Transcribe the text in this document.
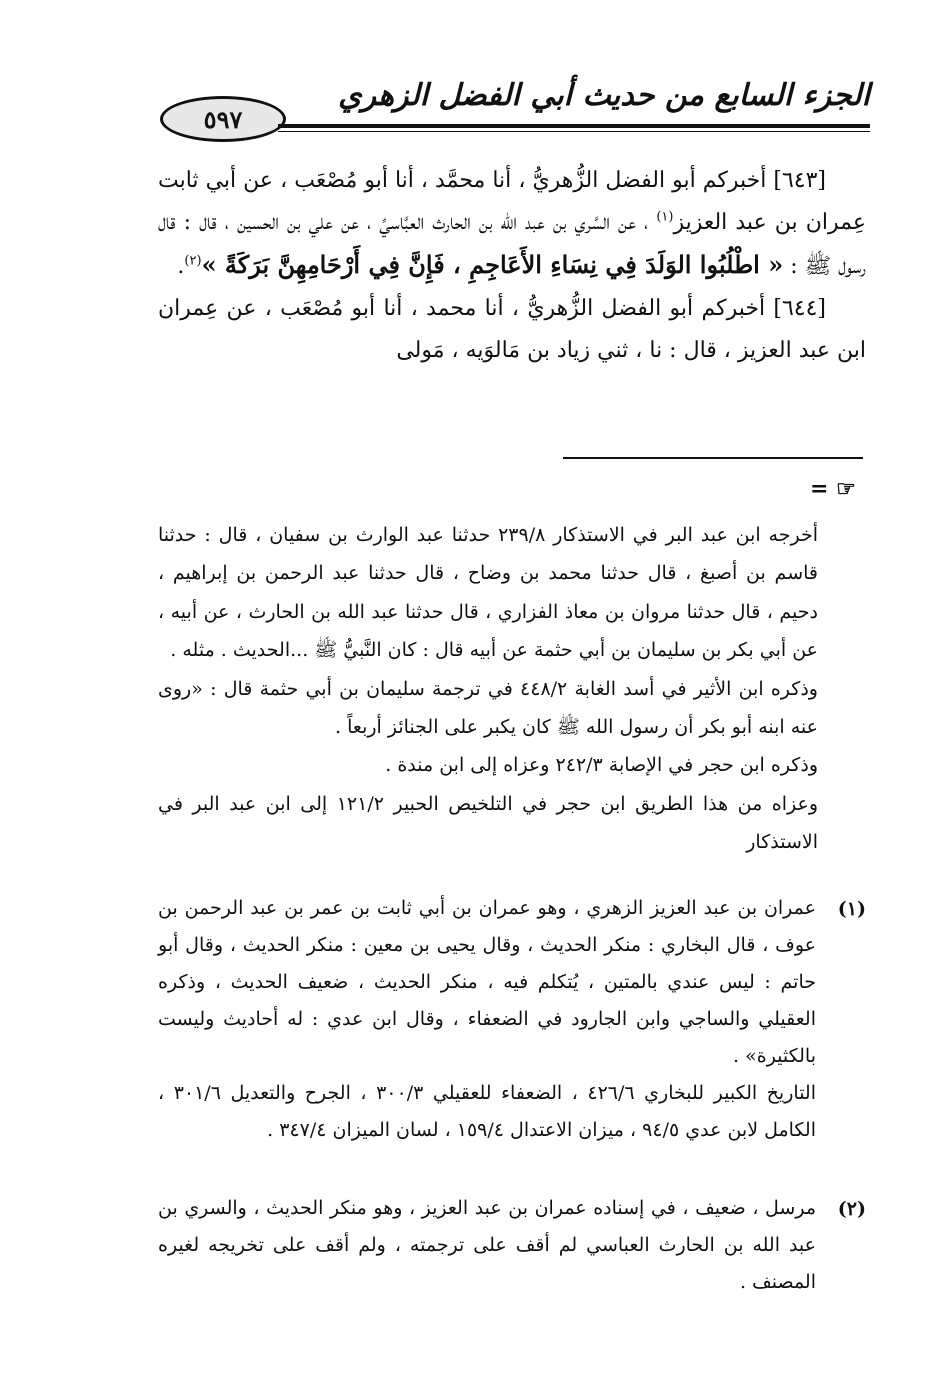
٥٩٧
الجزء السابع من حديث أبي الفضل الزهري

[٦٤٣] أخبركم أبو الفضل الزُّهريُّ ، أنا محمَّد ، أنا أبو مُصْعَب ، عن أبي ثابت عِمران بن عبد العزيز$^{(١)}$ ، عن السَّري بن عبد الله بن الحارث العبَّاسيِّ ، عن علي بن الحسين ، قال : قال رسول ﷺ : « اطْلُبُوا الوَلَدَ فِي نِسَاءِ الأَعَاجِمِ ، فَإِنَّ فِي أَرْحَامِهِنَّ بَرَكَةً »$^{(٢)}$.

[٦٤٤] أخبركم أبو الفضل الزُّهريُّ ، أنا محمد ، أنا أبو مُصْعَب ، عن عِمران ابن عبد العزيز ، قال : نا ، ثني زياد بن مَالوَيه ، مَولى

= ☞

أخرجه ابن عبد البر في الاستذكار ٢٣٩/٨ حدثنا عبد الوارث بن سفيان ، قال : حدثنا قاسم بن أصبغ ، قال حدثنا محمد بن وضاح ، قال حدثنا عبد الرحمن بن إبراهيم ، دحيم ، قال حدثنا مروان بن معاذ الفزاري ، قال حدثنا عبد الله بن الحارث ، عن أبيه ، عن أبي بكر بن سليمان بن أبي حثمة عن أبيه قال : كان النَّبيُّ ﷺ ...الحديث . مثله .

وذكره ابن الأثير في أسد الغابة ٤٤٨/٢ في ترجمة سليمان بن أبي حثمة قال : «روى عنه ابنه أبو بكر أن رسول الله ﷺ كان يكبر على الجنائز أربعاً .

وذكره ابن حجر في الإصابة ٢٤٢/٣ وعزاه إلى ابن مندة .

وعزاه من هذا الطريق ابن حجر في التلخيص الحبير ١٢١/٢ إلى ابن عبد البر في الاستذكار

(١)

عمران بن عبد العزيز الزهري ، وهو عمران بن أبي ثابت بن عمر بن عبد الرحمن بن عوف ، قال البخاري : منكر الحديث ، وقال يحيى بن معين : منكر الحديث ، وقال أبو حاتم : ليس عندي بالمتين ، يُتكلم فيه ، منكر الحديث ، ضعيف الحديث ، وذكره العقيلي والساجي وابن الجارود في الضعفاء ، وقال ابن عدي : له أحاديث وليست بالكثيرة» .

التاريخ الكبير للبخاري ٤٢٦/٦ ، الضعفاء للعقيلي ٣٠٠/٣ ، الجرح والتعديل ٣٠١/٦ ، الكامل لابن عدي ٩٤/٥ ، ميزان الاعتدال ١٥٩/٤ ، لسان الميزان ٣٤٧/٤ .

(٢)

مرسل ، ضعيف ، في إسناده عمران بن عبد العزيز ، وهو منكر الحديث ، والسري بن عبد الله بن الحارث العباسي لم أقف على ترجمته ، ولم أقف على تخريجه لغيره المصنف .
